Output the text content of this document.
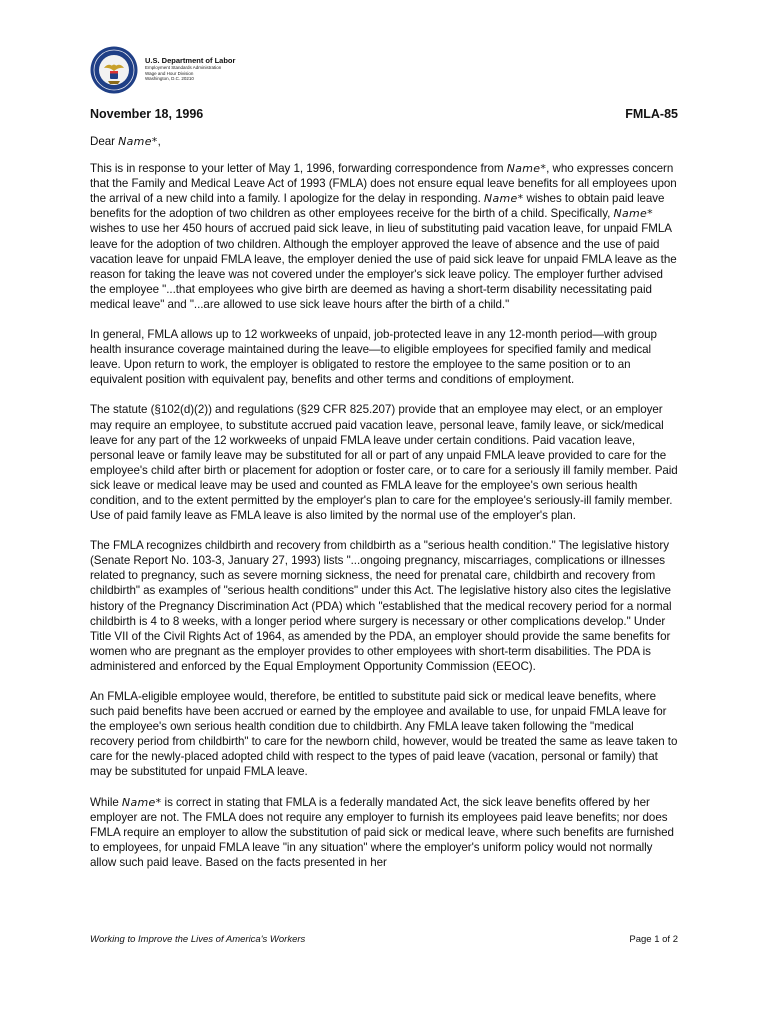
U.S. Department of Labor
Employment Standards Administration
Wage and Hour Division
Washington, D.C. 20210
November 18, 1996	FMLA-85

Dear Name*,

This is in response to your letter of May 1, 1996, forwarding correspondence from Name*, who expresses concern that the Family and Medical Leave Act of 1993 (FMLA) does not ensure equal leave benefits for all employees upon the arrival of a new child into a family. I apologize for the delay in responding. Name* wishes to obtain paid leave benefits for the adoption of two children as other employees receive for the birth of a child. Specifically, Name* wishes to use her 450 hours of accrued paid sick leave, in lieu of substituting paid vacation leave, for unpaid FMLA leave for the adoption of two children. Although the employer approved the leave of absence and the use of paid vacation leave for unpaid FMLA leave, the employer denied the use of paid sick leave for unpaid FMLA leave as the reason for taking the leave was not covered under the employer's sick leave policy. The employer further advised the employee "...that employees who give birth are deemed as having a short-term disability necessitating paid medical leave" and "...are allowed to use sick leave hours after the birth of a child."

In general, FMLA allows up to 12 workweeks of unpaid, job-protected leave in any 12-month period—with group health insurance coverage maintained during the leave—to eligible employees for specified family and medical leave. Upon return to work, the employer is obligated to restore the employee to the same position or to an equivalent position with equivalent pay, benefits and other terms and conditions of employment.

The statute (§102(d)(2)) and regulations (§29 CFR 825.207) provide that an employee may elect, or an employer may require an employee, to substitute accrued paid vacation leave, personal leave, family leave, or sick/medical leave for any part of the 12 workweeks of unpaid FMLA leave under certain conditions. Paid vacation leave, personal leave or family leave may be substituted for all or part of any unpaid FMLA leave provided to care for the employee's child after birth or placement for adoption or foster care, or to care for a seriously ill family member. Paid sick leave or medical leave may be used and counted as FMLA leave for the employee's own serious health condition, and to the extent permitted by the employer's plan to care for the employee's seriously-ill family member. Use of paid family leave as FMLA leave is also limited by the normal use of the employer's plan.

The FMLA recognizes childbirth and recovery from childbirth as a "serious health condition." The legislative history (Senate Report No. 103-3, January 27, 1993) lists "...ongoing pregnancy, miscarriages, complications or illnesses related to pregnancy, such as severe morning sickness, the need for prenatal care, childbirth and recovery from childbirth" as examples of "serious health conditions" under this Act. The legislative history also cites the legislative history of the Pregnancy Discrimination Act (PDA) which "established that the medical recovery period for a normal childbirth is 4 to 8 weeks, with a longer period where surgery is necessary or other complications develop." Under Title VII of the Civil Rights Act of 1964, as amended by the PDA, an employer should provide the same benefits for women who are pregnant as the employer provides to other employees with short-term disabilities. The PDA is administered and enforced by the Equal Employment Opportunity Commission (EEOC).

An FMLA-eligible employee would, therefore, be entitled to substitute paid sick or medical leave benefits, where such paid benefits have been accrued or earned by the employee and available to use, for unpaid FMLA leave for the employee's own serious health condition due to childbirth. Any FMLA leave taken following the "medical recovery period from childbirth" to care for the newborn child, however, would be treated the same as leave taken to care for the newly-placed adopted child with respect to the types of paid leave (vacation, personal or family) that may be substituted for unpaid FMLA leave.

While Name* is correct in stating that FMLA is a federally mandated Act, the sick leave benefits offered by her employer are not. The FMLA does not require any employer to furnish its employees paid leave benefits; nor does FMLA require an employer to allow the substitution of paid sick or medical leave, where such benefits are furnished to employees, for unpaid FMLA leave "in any situation" where the employer's uniform policy would not normally allow such paid leave. Based on the facts presented in her

Working to Improve the Lives of America's Workers	Page 1 of 2
